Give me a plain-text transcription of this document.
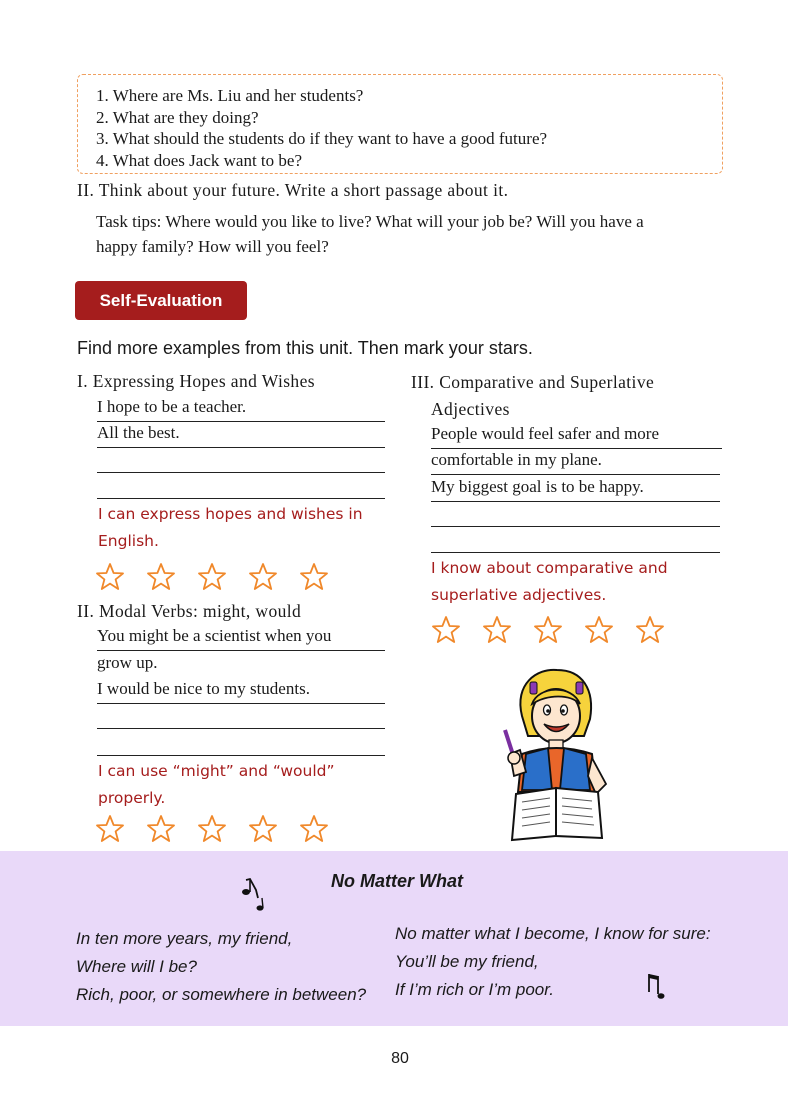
1. Where are Ms. Liu and her students?
2. What are they doing?
3. What should the students do if they want to have a good future?
4. What does Jack want to be?
II. Think about your future. Write a short passage about it.
Task tips: Where would you like to live? What will your job be? Will you have a
happy family? How will you feel?
Self-Evaluation
Find more examples from this unit. Then mark your stars.
I. Expressing Hopes and Wishes
I hope to be a teacher.
All the best.
I can express hopes and wishes in
English.
II. Modal Verbs: might, would
You might be a scientist when you
grow up.
I would be nice to my students.
I can use “might” and “would”
properly.
III. Comparative and Superlative
Adjectives
People would feel safer and more
comfortable in my plane.
My biggest goal is to be happy.
I know about comparative and
superlative adjectives.
No Matter What
In ten more years, my friend,
Where will I be?
Rich, poor, or somewhere in between?
No matter what I become, I know for sure:
You’ll be my friend,
If I’m rich or I’m poor.
80
